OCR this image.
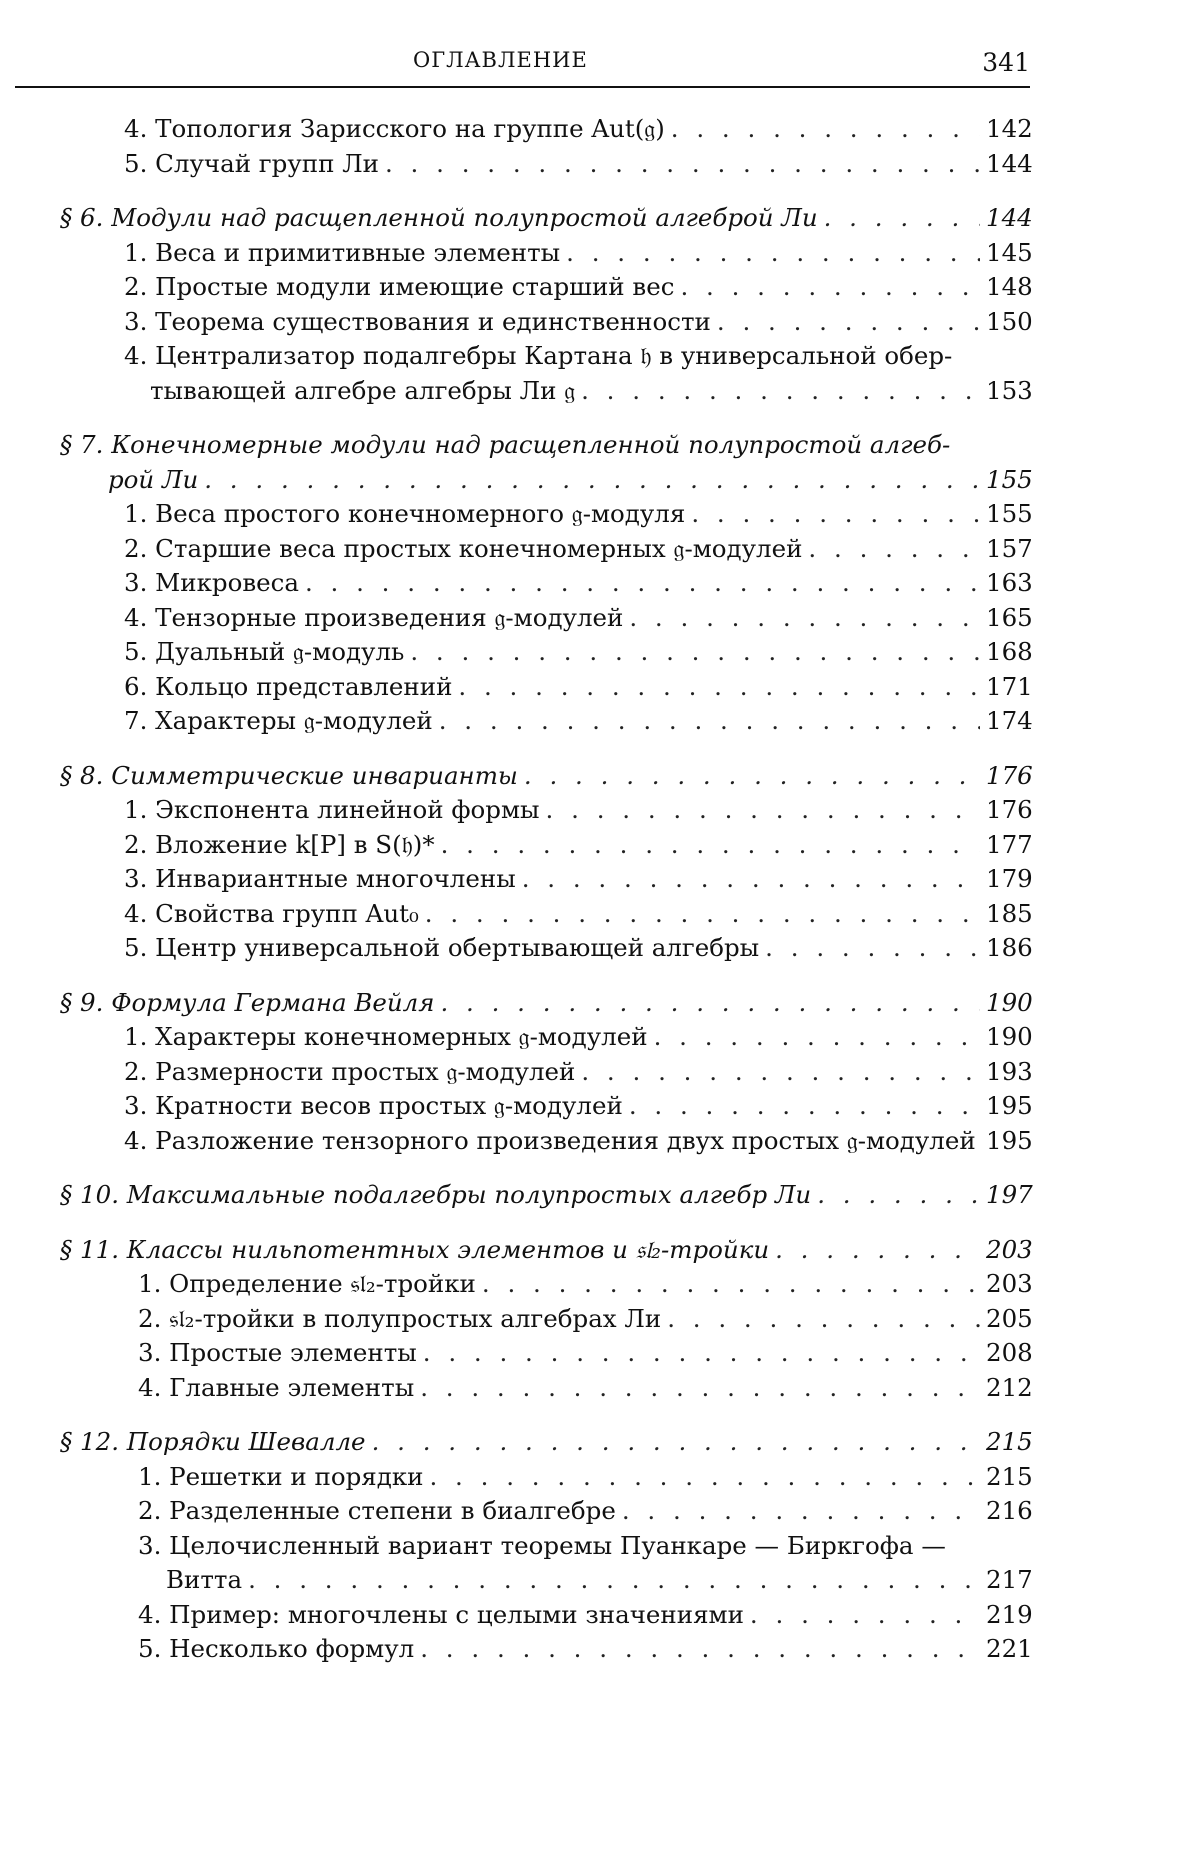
ОГЛАВЛЕНИЕ	341
4. Топология Зарисского на группе Aut(𝔤) . . .	142
5. Случай групп Ли . . .	144
§ 6. Модули над расщепленной полупростой алгеброй Ли . . .	144
1. Веса и примитивные элементы . . .	145
2. Простые модули имеющие старший вес . . .	148
3. Теорема существования и единственности . . .	150
4. Централизатор подалгебры Картана 𝔥 в универсальной обер-
тывающей алгебре алгебры Ли 𝔤 . . .	153
§ 7. Конечномерные модули над расщепленной полупростой алгеб-
рой Ли . . .	155
1. Веса простого конечномерного 𝔤-модуля . . .	155
2. Старшие веса простых конечномерных 𝔤-модулей . . .	157
3. Микровеса . . .	163
4. Тензорные произведения 𝔤-модулей . . .	165
5. Дуальный 𝔤-модуль . . .	168
6. Кольцо представлений . . .	171
7. Характеры 𝔤-модулей . . .	174
§ 8. Симметрические инварианты . . .	176
1. Экспонента линейной формы . . .	176
2. Вложение k[P] в S(𝔥)* . . .	177
3. Инвариантные многочлены . . .	179
4. Свойства групп Aut₀ . . .	185
5. Центр универсальной обертывающей алгебры . . .	186
§ 9. Формула Германа Вейля . . .	190
1. Характеры конечномерных 𝔤-модулей . . .	190
2. Размерности простых 𝔤-модулей . . .	193
3. Кратности весов простых 𝔤-модулей . . .	195
4. Разложение тензорного произведения двух простых 𝔤-модулей 195
§ 10. Максимальные подалгебры полупростых алгебр Ли . . .	197
§ 11. Классы нильпотентных элементов и 𝔰𝔩₂-тройки . . .	203
1. Определение 𝔰𝔩₂-тройки . . .	203
2. 𝔰𝔩₂-тройки в полупростых алгебрах Ли . . .	205
3. Простые элементы . . .	208
4. Главные элементы . . .	212
§ 12. Порядки Шевалле . . .	215
1. Решетки и порядки . . .	215
2. Разделенные степени в биалгебре . . .	216
3. Целочисленный вариант теоремы Пуанкаре — Биркгофа —
Витта . . .	217
4. Пример: многочлены с целыми значениями . . .	219
5. Несколько формул . . .	221
